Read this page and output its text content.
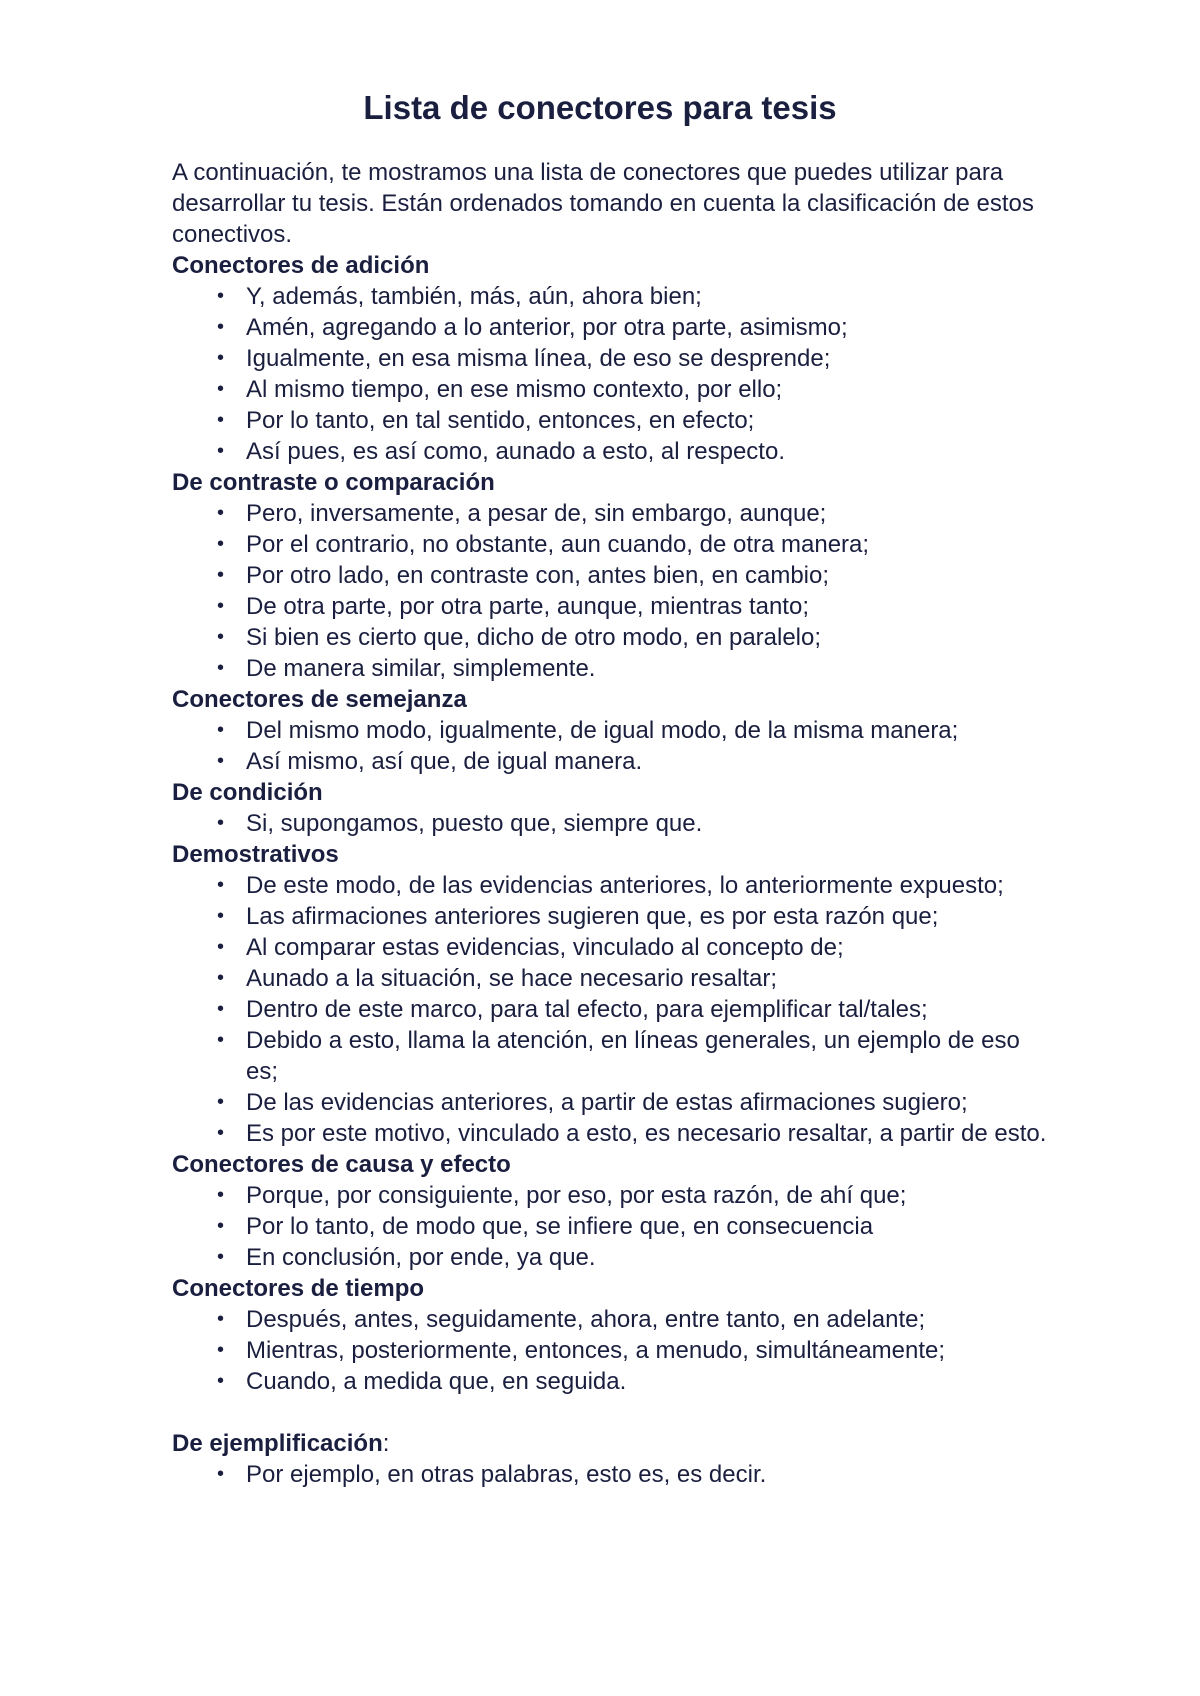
Lista de conectores para tesis

A continuación, te mostramos una lista de conectores que puedes utilizar para desarrollar tu tesis. Están ordenados tomando en cuenta la clasificación de estos conectivos.

Conectores de adición

• Y, además, también, más, aún, ahora bien;
• Amén, agregando a lo anterior, por otra parte, asimismo;
• Igualmente, en esa misma línea, de eso se desprende;
• Al mismo tiempo, en ese mismo contexto, por ello;
• Por lo tanto, en tal sentido, entonces, en efecto;
• Así pues, es así como, aunado a esto, al respecto.

De contraste o comparación

• Pero, inversamente, a pesar de, sin embargo, aunque;
• Por el contrario, no obstante, aun cuando, de otra manera;
• Por otro lado, en contraste con, antes bien, en cambio;
• De otra parte, por otra parte, aunque, mientras tanto;
• Si bien es cierto que, dicho de otro modo, en paralelo;
• De manera similar, simplemente.

Conectores de semejanza

• Del mismo modo, igualmente, de igual modo, de la misma manera;
• Así mismo, así que, de igual manera.

De condición

• Si, supongamos, puesto que, siempre que.

Demostrativos

• De este modo, de las evidencias anteriores, lo anteriormente expuesto;
• Las afirmaciones anteriores sugieren que, es por esta razón que;
• Al comparar estas evidencias, vinculado al concepto de;
• Aunado a la situación, se hace necesario resaltar;
• Dentro de este marco, para tal efecto, para ejemplificar tal/tales;
• Debido a esto, llama la atención, en líneas generales, un ejemplo de eso es;
• De las evidencias anteriores, a partir de estas afirmaciones sugiero;
• Es por este motivo, vinculado a esto, es necesario resaltar, a partir de esto.

Conectores de causa y efecto

• Porque, por consiguiente, por eso, por esta razón, de ahí que;
• Por lo tanto, de modo que, se infiere que, en consecuencia
• En conclusión, por ende, ya que.

Conectores de tiempo

• Después, antes, seguidamente, ahora, entre tanto, en adelante;
• Mientras, posteriormente, entonces, a menudo, simultáneamente;
• Cuando, a medida que, en seguida.

De ejemplificación:

• Por ejemplo, en otras palabras, esto es, es decir.
